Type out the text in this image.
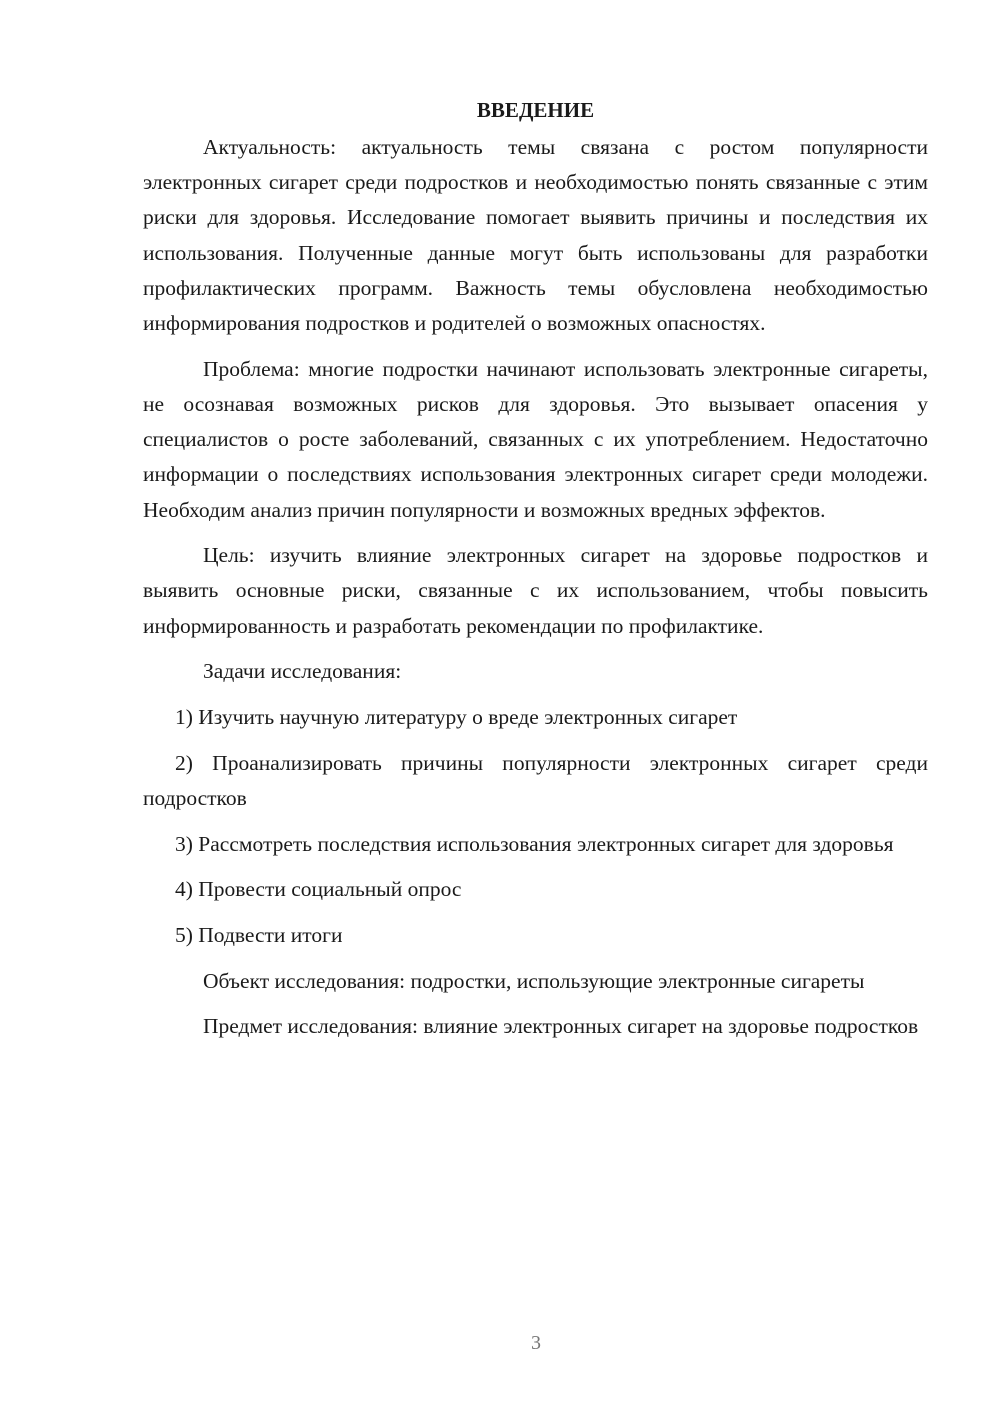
ВВЕДЕНИЕ

Актуальность: актуальность темы связана с ростом популярности электронных сигарет среди подростков и необходимостью понять связанные с этим риски для здоровья. Исследование помогает выявить причины и последствия их использования. Полученные данные могут быть использованы для разработки профилактических программ. Важность темы обусловлена необходимостью информирования подростков и родителей о возможных опасностях.

Проблема: многие подростки начинают использовать электронные сигареты, не осознавая возможных рисков для здоровья. Это вызывает опасения у специалистов о росте заболеваний, связанных с их употреблением. Недостаточно информации о последствиях использования электронных сигарет среди молодежи. Необходим анализ причин популярности и возможных вредных эффектов.

Цель: изучить влияние электронных сигарет на здоровье подростков и выявить основные риски, связанные с их использованием, чтобы повысить информированность и разработать рекомендации по профилактике.

Задачи исследования:

1) Изучить научную литературу о вреде электронных сигарет

2) Проанализировать причины популярности электронных сигарет среди подростков

3) Рассмотреть последствия использования электронных сигарет для здоровья

4) Провести социальный опрос

5) Подвести итоги

Объект исследования: подростки, использующие электронные сигареты

Предмет исследования: влияние электронных сигарет на здоровье подростков

3
